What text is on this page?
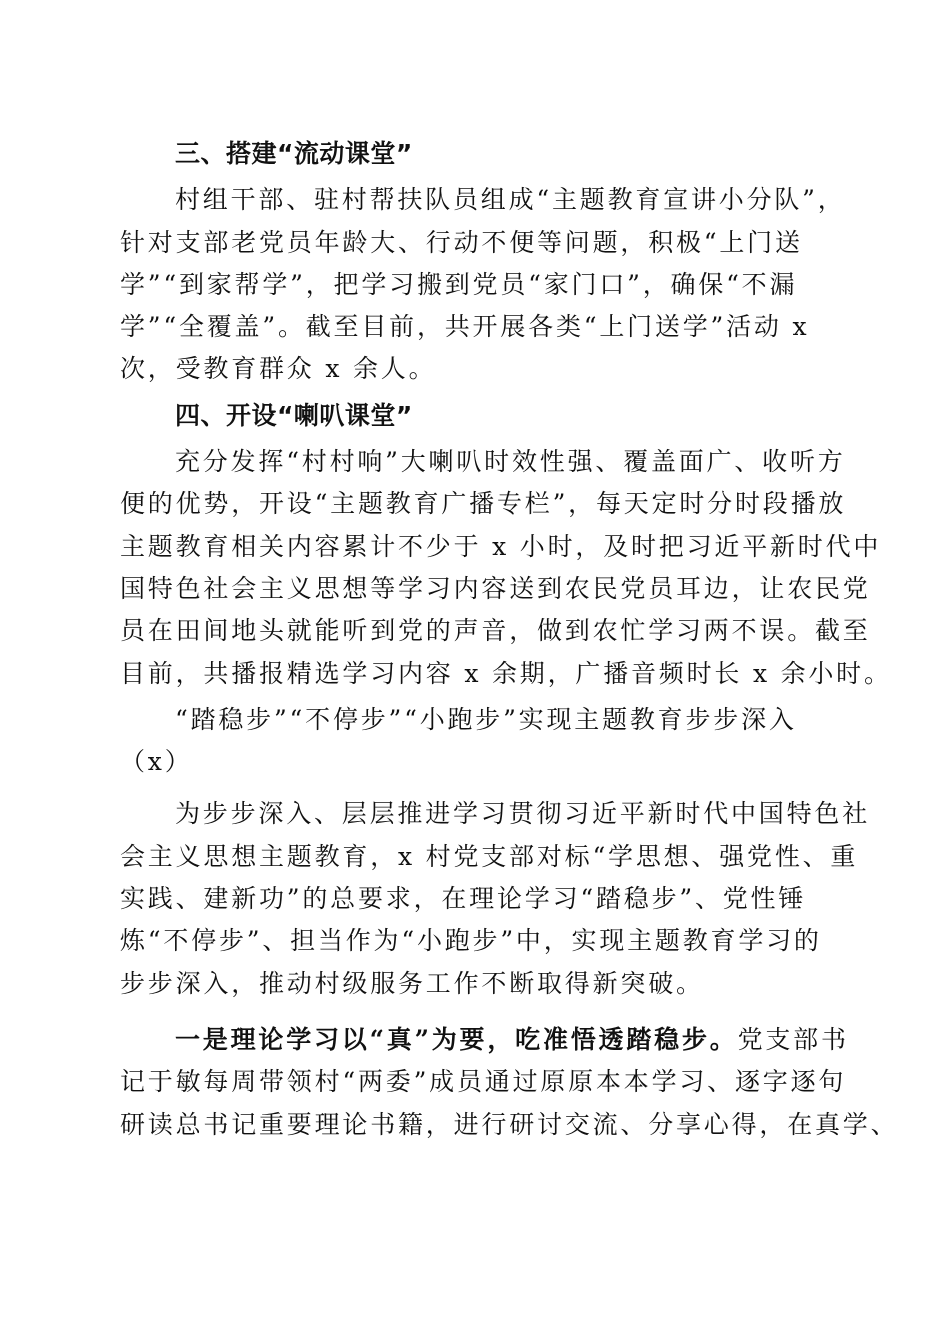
三、搭建“流动课堂”
村组干部、驻村帮扶队员组成“主题教育宣讲小分队”，
针对支部老党员年龄大、行动不便等问题，积极“上门送
学”“到家帮学”，把学习搬到党员“家门口”，确保“不漏
学”“全覆盖”。截至目前，共开展各类“上门送学”活动 x
次，受教育群众 x 余人。
四、开设“喇叭课堂”
充分发挥“村村响”大喇叭时效性强、覆盖面广、收听方
便的优势，开设“主题教育广播专栏”，每天定时分时段播放
主题教育相关内容累计不少于 x 小时，及时把习近平新时代中
国特色社会主义思想等学习内容送到农民党员耳边，让农民党
员在田间地头就能听到党的声音，做到农忙学习两不误。截至
目前，共播报精选学习内容 x 余期，广播音频时长 x 余小时。
“踏稳步”“不停步”“小跑步”实现主题教育步步深入
（x）
为步步深入、层层推进学习贯彻习近平新时代中国特色社
会主义思想主题教育，x 村党支部对标“学思想、强党性、重
实践、建新功”的总要求，在理论学习“踏稳步”、党性锤
炼“不停步”、担当作为“小跑步”中，实现主题教育学习的
步步深入，推动村级服务工作不断取得新突破。
一是理论学习以“真”为要，吃准悟透踏稳步。党支部书
记于敏每周带领村“两委”成员通过原原本本学习、逐字逐句
研读总书记重要理论书籍，进行研讨交流、分享心得，在真学、
